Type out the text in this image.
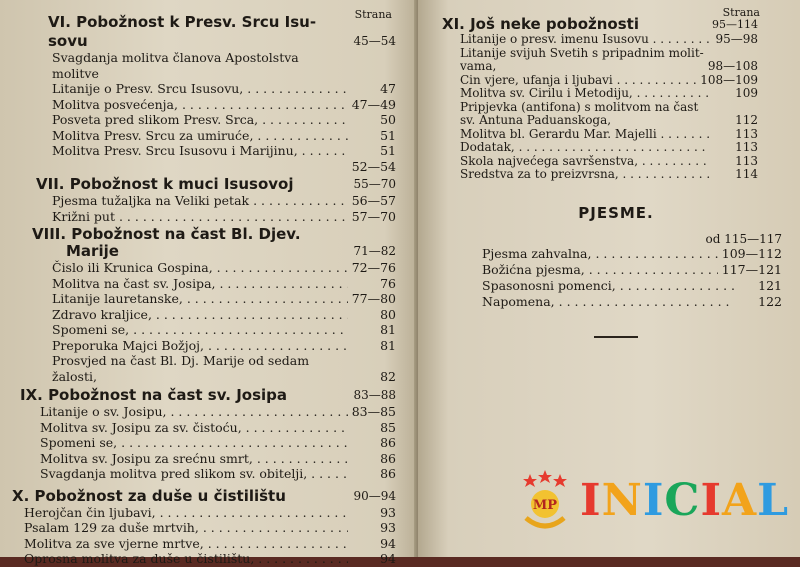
Strana
VI. Pobožnost k Presv. Srcu Isu-
sovu	45—54
Svagdanja molitva članova Apostolstva molitve
Litanije o Presv. Srcu Isusovu, . . .	47
Molitva posvećenja, . . .	47—49
Posveta pred slikom Presv. Srca, . . .	50
Molitva Presv. Srcu za umiruće, . . .	51
Molitva Presv. Srcu Isusovu i Marijinu, . . .	51
52—54
VII. Pobožnost k muci Isusovoj	55—70
Pjesma tužaljka na Veliki petak . . .	56—57
Križni put . . .	57—70
VIII. Pobožnost na čast Bl. Djev.
Marije	71—82
Čislo ili Krunica Gospina, . . .	72—76
Molitva na čast sv. Josipa, . . .	76
Litanije lauretanske, . . .	77—80
Zdravo kraljice, . . .	80
Spomeni se, . . .	81
Preporuka Majci Božjoj, . . .	81
Prosvjed na čast Bl. Dj. Marije od sedam žalosti,	82
IX. Pobožnost na čast sv. Josipa	83—88
Litanije o sv. Josipu, . . .	83—85
Molitva sv. Josipu za sv. čistoću, . . .	85
Spomeni se, . . .	86
Molitva sv. Josipu za srećnu smrt, . . .	86
Svagdanja molitva pred slikom sv. obitelji, . . .	86
X. Pobožnost za duše u čistilištu	90—94
Herojčan čin ljubavi, . . .	93
Psalam 129 za duše mrtvih, . . .	93
Molitva za sve vjerne mrtve, . . .	94
Oprosna molitva za duše u čistilištu, . . .	94
Strana
XI. Još neke pobožnosti	95—114
Litanije o presv. imenu Isusovu . . .	95—98
Litanije svijuh Svetih s pripadnim molit-vama,	98—108
Čin vjere, ufanja i ljubavi . . .	108—109
Molitva sv. Ćirilu i Metodiju, . . .	109
Pripjevka (antifona) s molitvom na čast sv. Antuna Paduanskoga,	112
Molitva bl. Gerardu Mar. Majelli . . .	113
Dodatak, . . .	113
Škola najvećega savršenstva, . . .	113
Sredstva za to preizvrsna, . . .	114
PJESME.
od 115—117
Pjesma zahvalna, . . .	109—112
Božićna pjesma, . . .	117—121
Spasonosni pomenci, . . .	121
Napomena, . . .	122
MP INICIAL
